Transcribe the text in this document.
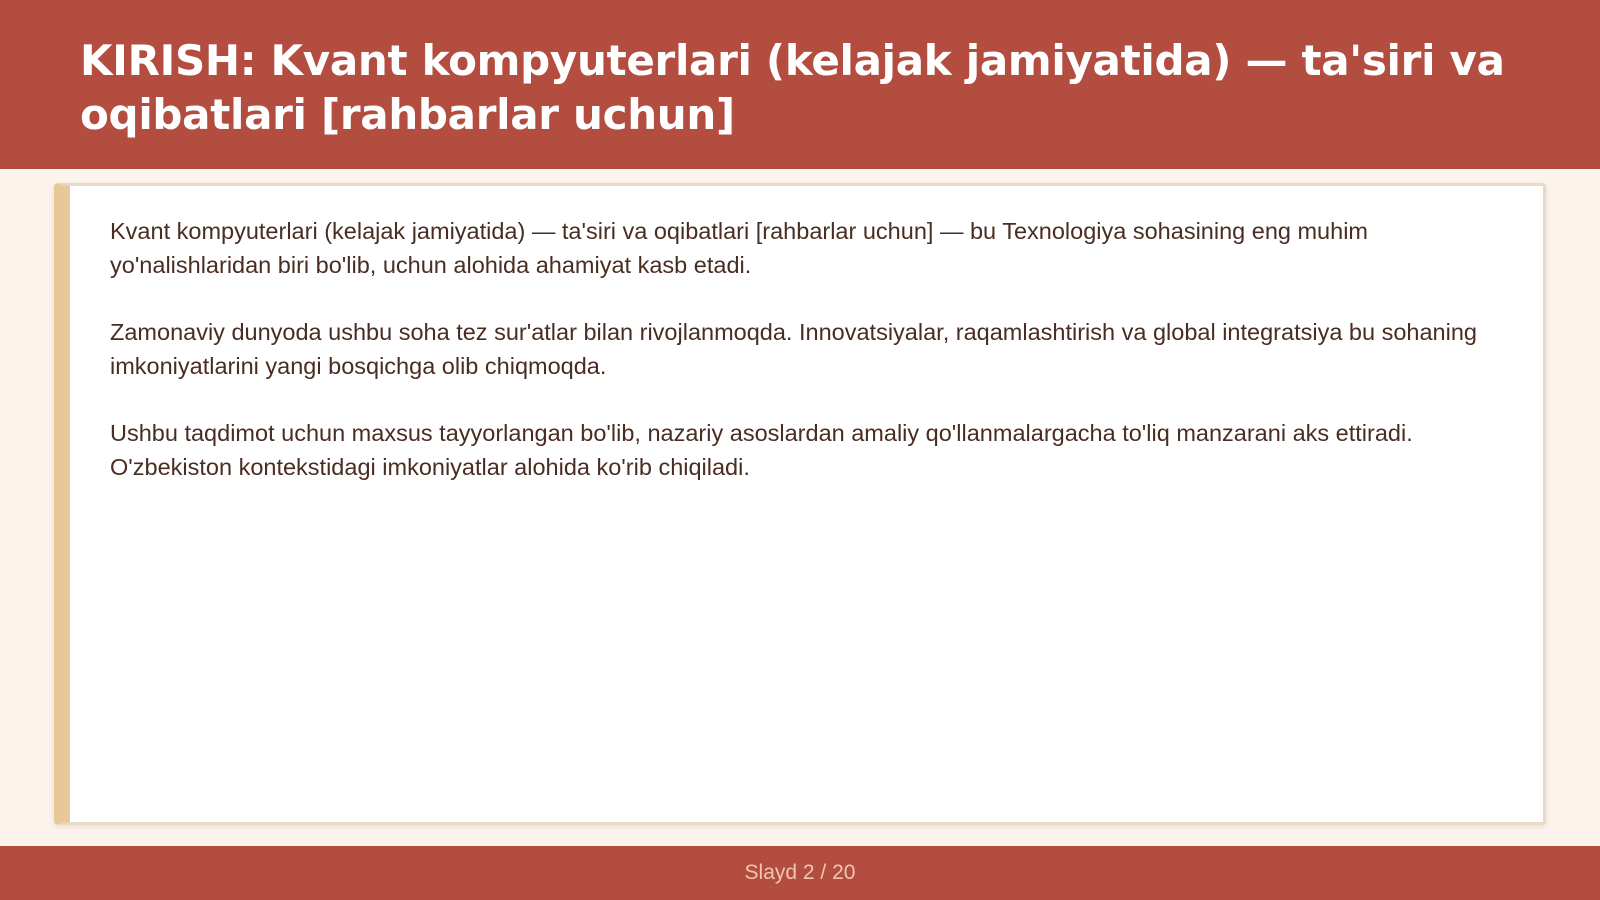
KIRISH: Kvant kompyuterlari (kelajak jamiyatida) — ta'siri va oqibatlari [rahbarlar uchun]

Kvant kompyuterlari (kelajak jamiyatida) — ta'siri va oqibatlari [rahbarlar uchun] — bu Texnologiya sohasining eng muhim yo'nalishlaridan biri bo'lib, uchun alohida ahamiyat kasb etadi.

Zamonaviy dunyoda ushbu soha tez sur'atlar bilan rivojlanmoqda. Innovatsiyalar, raqamlashtirish va global integratsiya bu sohaning imkoniyatlarini yangi bosqichga olib chiqmoqda.

Ushbu taqdimot uchun maxsus tayyorlangan bo'lib, nazariy asoslardan amaliy qo'llanmalargacha to'liq manzarani aks ettiradi. O'zbekiston kontekstidagi imkoniyatlar alohida ko'rib chiqiladi.

Slayd 2 / 20
